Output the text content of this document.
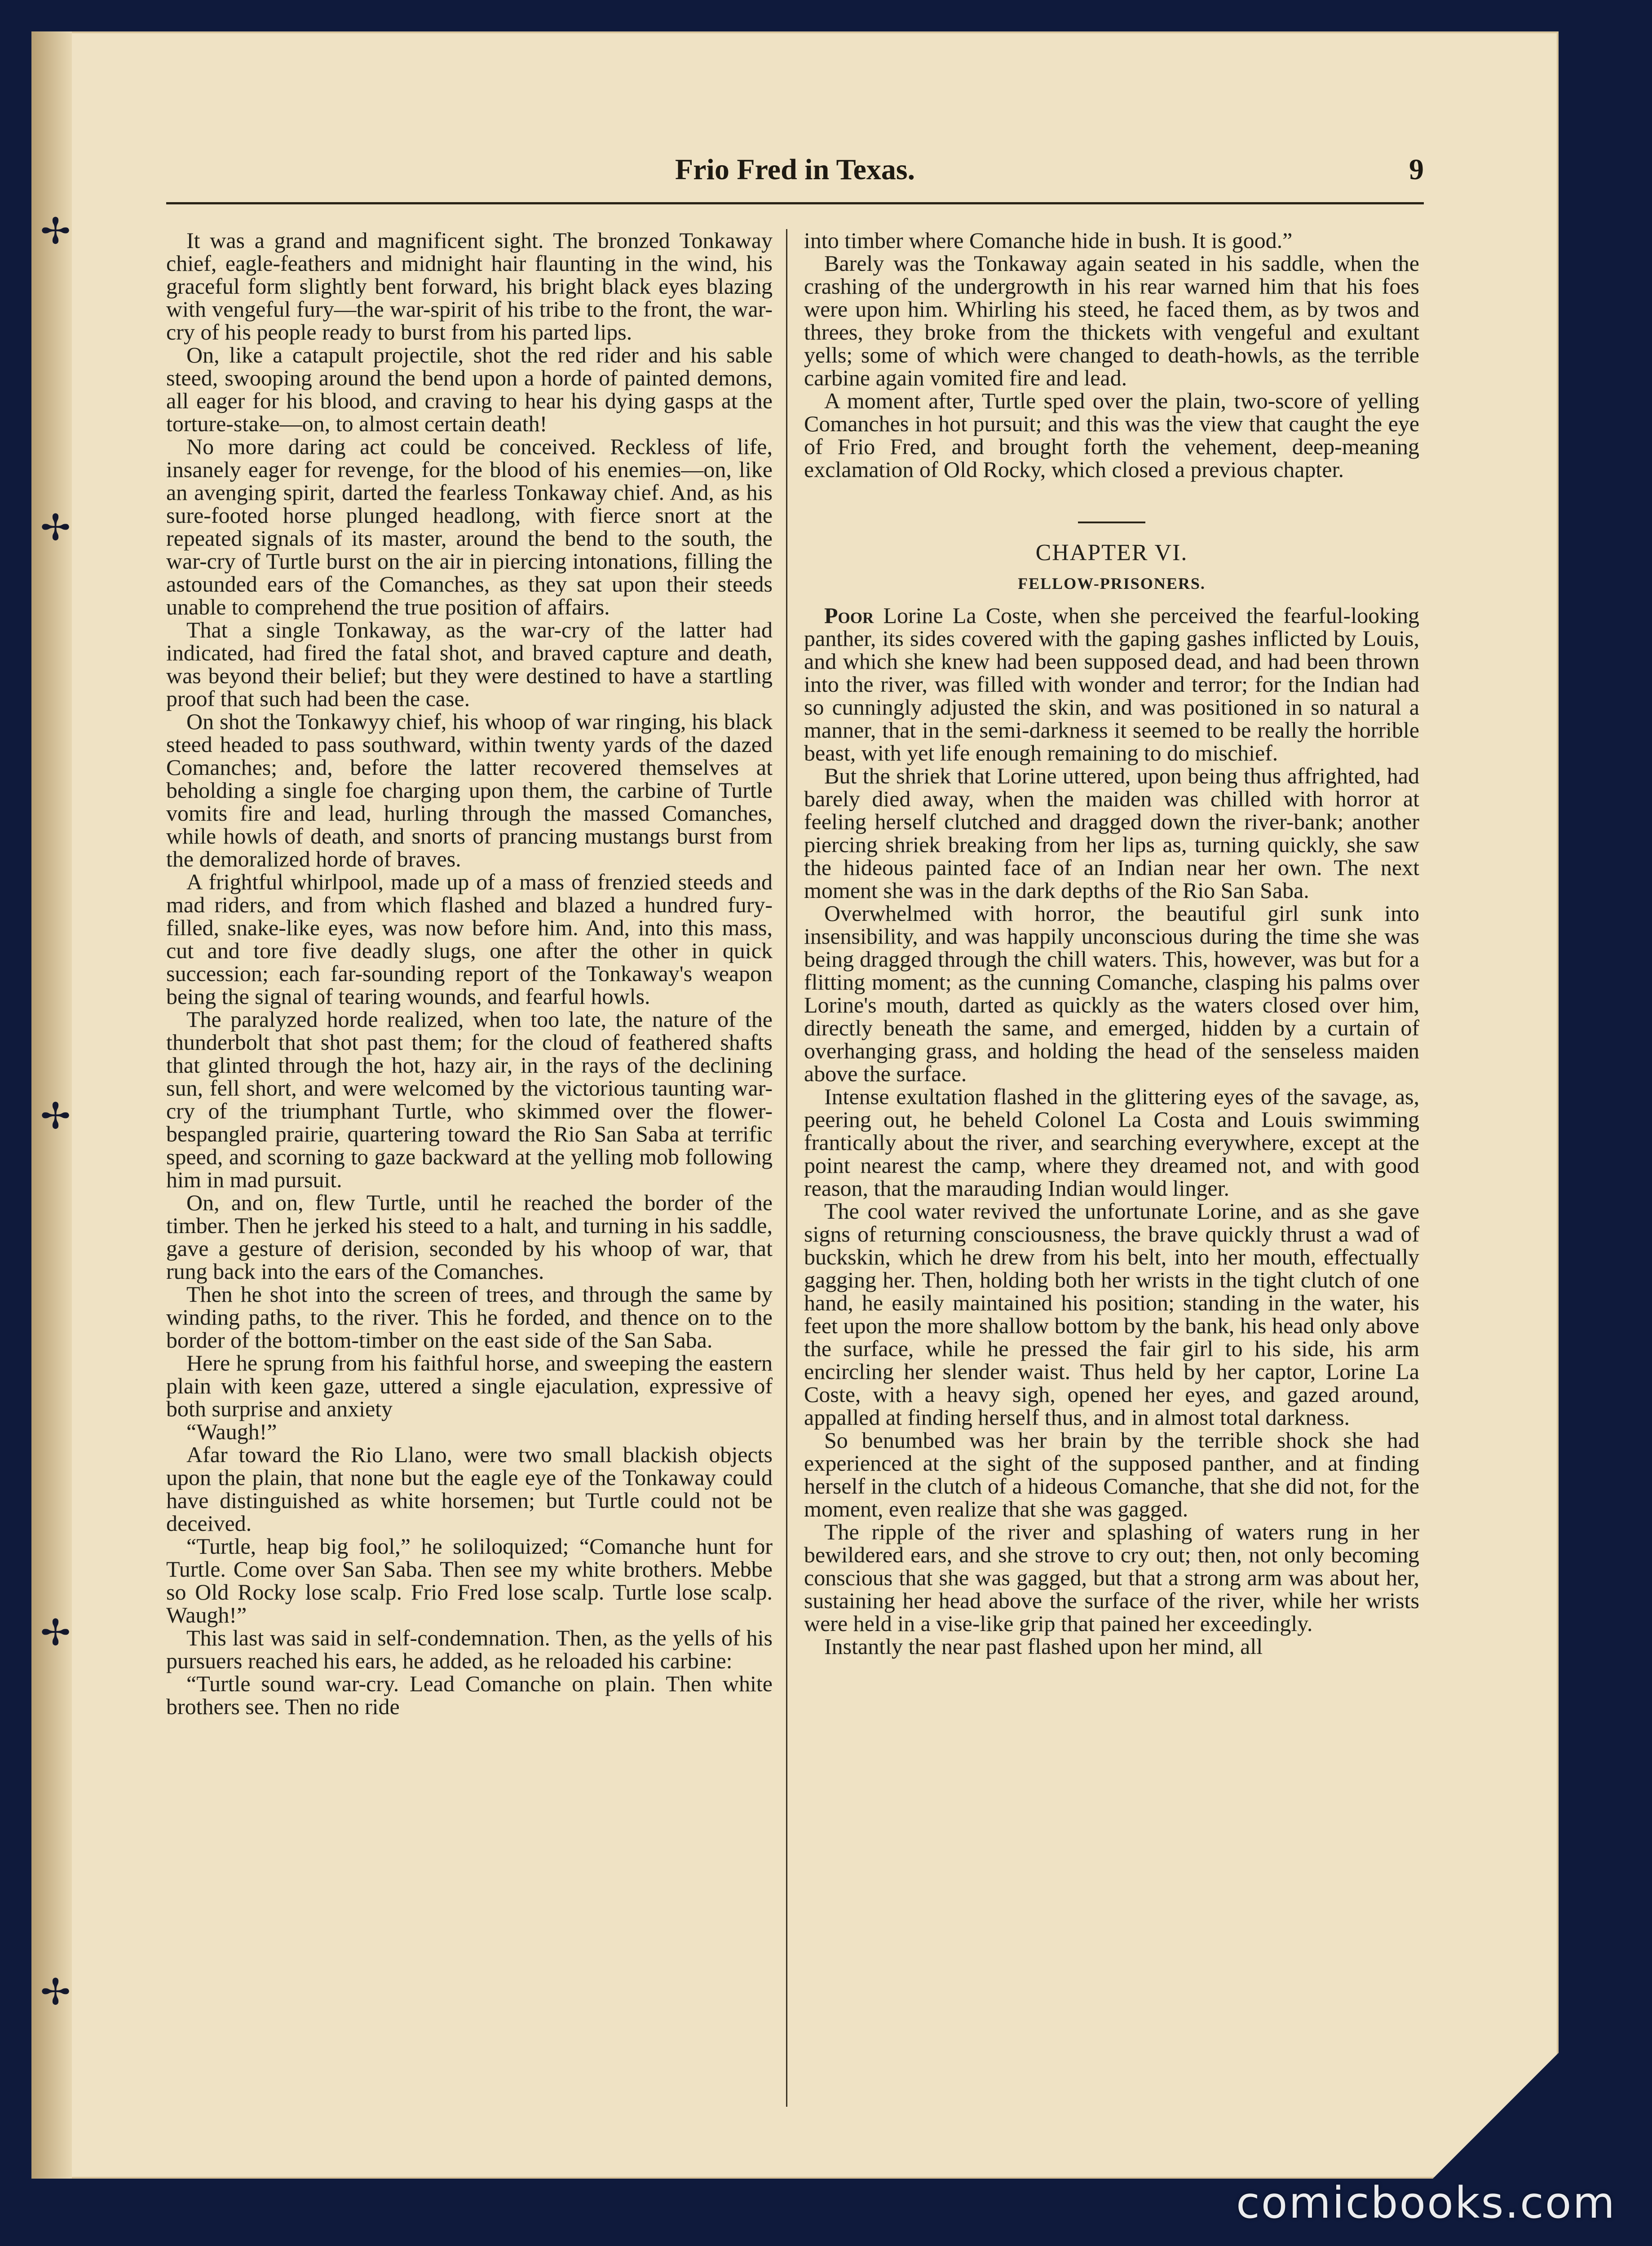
✢
✢
✢
✢
✢
Frio Fred in Texas.	9

It was a grand and magnificent sight. The bronzed Tonkaway chief, eagle-feathers and midnight hair flaunting in the wind, his graceful form slightly bent forward, his bright black eyes blazing with vengeful fury—the war-spirit of his tribe to the front, the war-cry of his people ready to burst from his parted lips.

On, like a catapult projectile, shot the red rider and his sable steed, swooping around the bend upon a horde of painted demons, all eager for his blood, and craving to hear his dying gasps at the torture-stake—on, to almost certain death!

No more daring act could be conceived. Reckless of life, insanely eager for revenge, for the blood of his enemies—on, like an avenging spirit, darted the fearless Tonkaway chief. And, as his sure-footed horse plunged headlong, with fierce snort at the repeated signals of its master, around the bend to the south, the war-cry of Turtle burst on the air in piercing intonations, filling the astounded ears of the Comanches, as they sat upon their steeds unable to comprehend the true position of affairs.

That a single Tonkaway, as the war-cry of the latter had indicated, had fired the fatal shot, and braved capture and death, was beyond their belief; but they were destined to have a startling proof that such had been the case.

On shot the Tonkawyy chief, his whoop of war ringing, his black steed headed to pass southward, within twenty yards of the dazed Comanches; and, before the latter recovered themselves at beholding a single foe charging upon them, the carbine of Turtle vomits fire and lead, hurling through the massed Comanches, while howls of death, and snorts of prancing mustangs burst from the demoralized horde of braves.

A frightful whirlpool, made up of a mass of frenzied steeds and mad riders, and from which flashed and blazed a hundred fury-filled, snake-like eyes, was now before him. And, into this mass, cut and tore five deadly slugs, one after the other in quick succession; each far-sounding report of the Tonkaway's weapon being the signal of tearing wounds, and fearful howls.

The paralyzed horde realized, when too late, the nature of the thunderbolt that shot past them; for the cloud of feathered shafts that glinted through the hot, hazy air, in the rays of the declining sun, fell short, and were welcomed by the victorious taunting war-cry of the triumphant Turtle, who skimmed over the flower-bespangled prairie, quartering toward the Rio San Saba at terrific speed, and scorning to gaze backward at the yelling mob following him in mad pursuit.

On, and on, flew Turtle, until he reached the border of the timber. Then he jerked his steed to a halt, and turning in his saddle, gave a gesture of derision, seconded by his whoop of war, that rung back into the ears of the Comanches.

Then he shot into the screen of trees, and through the same by winding paths, to the river. This he forded, and thence on to the border of the bottom-timber on the east side of the San Saba.

Here he sprung from his faithful horse, and sweeping the eastern plain with keen gaze, uttered a single ejaculation, expressive of both surprise and anxiety

“Waugh!”

Afar toward the Rio Llano, were two small blackish objects upon the plain, that none but the eagle eye of the Tonkaway could have distinguished as white horsemen; but Turtle could not be deceived.

“Turtle, heap big fool,” he soliloquized; “Comanche hunt for Turtle. Come over San Saba. Then see my white brothers. Mebbe so Old Rocky lose scalp. Frio Fred lose scalp. Turtle lose scalp. Waugh!”

This last was said in self-condemnation. Then, as the yells of his pursuers reached his ears, he added, as he reloaded his carbine:

“Turtle sound war-cry. Lead Comanche on plain. Then white brothers see. Then no ride

into timber where Comanche hide in bush. It is good.”

Barely was the Tonkaway again seated in his saddle, when the crashing of the undergrowth in his rear warned him that his foes were upon him. Whirling his steed, he faced them, as by twos and threes, they broke from the thickets with vengeful and exultant yells; some of which were changed to death-howls, as the terrible carbine again vomited fire and lead.

A moment after, Turtle sped over the plain, two-score of yelling Comanches in hot pursuit; and this was the view that caught the eye of Frio Fred, and brought forth the vehement, deep-meaning exclamation of Old Rocky, which closed a previous chapter.

CHAPTER VI.
FELLOW-PRISONERS.

Poor Lorine La Coste, when she perceived the fearful-looking panther, its sides covered with the gaping gashes inflicted by Louis, and which she knew had been supposed dead, and had been thrown into the river, was filled with wonder and terror; for the Indian had so cunningly adjusted the skin, and was positioned in so natural a manner, that in the semi-darkness it seemed to be really the horrible beast, with yet life enough remaining to do mischief.

But the shriek that Lorine uttered, upon being thus affrighted, had barely died away, when the maiden was chilled with horror at feeling herself clutched and dragged down the river-bank; another piercing shriek breaking from her lips as, turning quickly, she saw the hideous painted face of an Indian near her own. The next moment she was in the dark depths of the Rio San Saba.

Overwhelmed with horror, the beautiful girl sunk into insensibility, and was happily unconscious during the time she was being dragged through the chill waters. This, however, was but for a flitting moment; as the cunning Comanche, clasping his palms over Lorine's mouth, darted as quickly as the waters closed over him, directly beneath the same, and emerged, hidden by a curtain of overhanging grass, and holding the head of the senseless maiden above the surface.

Intense exultation flashed in the glittering eyes of the savage, as, peering out, he beheld Colonel La Costa and Louis swimming frantically about the river, and searching everywhere, except at the point nearest the camp, where they dreamed not, and with good reason, that the marauding Indian would linger.

The cool water revived the unfortunate Lorine, and as she gave signs of returning consciousness, the brave quickly thrust a wad of buckskin, which he drew from his belt, into her mouth, effectually gagging her. Then, holding both her wrists in the tight clutch of one hand, he easily maintained his position; standing in the water, his feet upon the more shallow bottom by the bank, his head only above the surface, while he pressed the fair girl to his side, his arm encircling her slender waist. Thus held by her captor, Lorine La Coste, with a heavy sigh, opened her eyes, and gazed around, appalled at finding herself thus, and in almost total darkness.

So benumbed was her brain by the terrible shock she had experienced at the sight of the supposed panther, and at finding herself in the clutch of a hideous Comanche, that she did not, for the moment, even realize that she was gagged.

The ripple of the river and splashing of waters rung in her bewildered ears, and she strove to cry out; then, not only becoming conscious that she was gagged, but that a strong arm was about her, sustaining her head above the surface of the river, while her wrists were held in a vise-like grip that pained her exceedingly.

Instantly the near past flashed upon her mind, all

comicbooks.com
